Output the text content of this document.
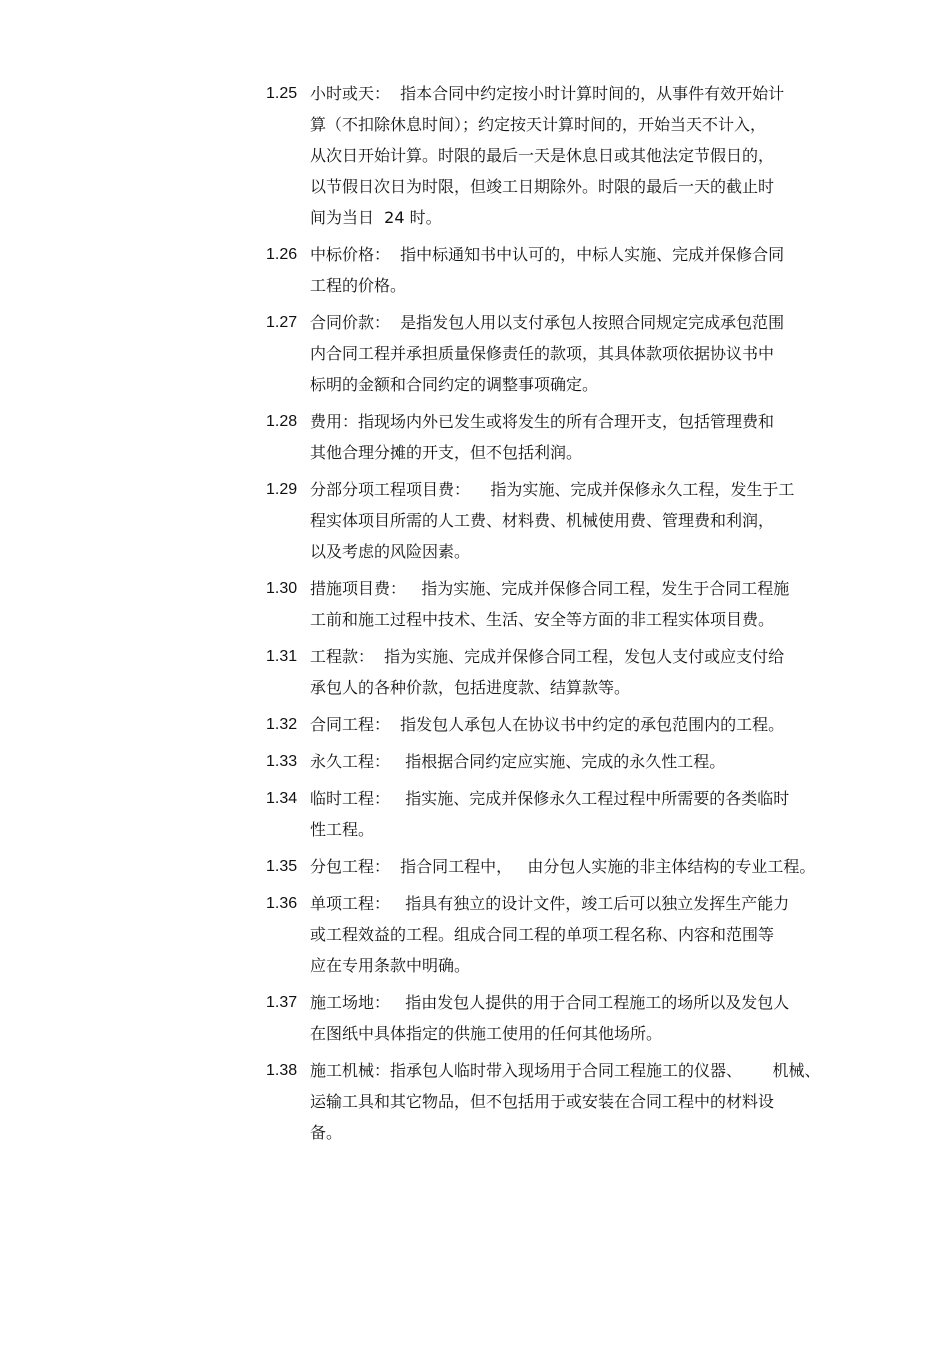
1.25 小时或天：  指本合同中约定按小时计算时间的，从事件有效开始计
算（不扣除休息时间）；约定按天计算时间的，开始当天不计入，
从次日开始计算。时限的最后一天是休息日或其他法定节假日的，
以节假日次日为时限，但竣工日期除外。时限的最后一天的截止时
间为当日  24 时。
1.26 中标价格：  指中标通知书中认可的，中标人实施、完成并保修合同
工程的价格。
1.27 合同价款：  是指发包人用以支付承包人按照合同规定完成承包范围
内合同工程并承担质量保修责任的款项，其具体款项依据协议书中
标明的金额和合同约定的调整事项确定。
1.28 费用：指现场内外已发生或将发生的所有合理开支，包括管理费和
其他合理分摊的开支，但不包括利润。
1.29 分部分项工程项目费：    指为实施、完成并保修永久工程，发生于工
程实体项目所需的人工费、材料费、机械使用费、管理费和利润，
以及考虑的风险因素。
1.30 措施项目费：   指为实施、完成并保修合同工程，发生于合同工程施
工前和施工过程中技术、生活、安全等方面的非工程实体项目费。
1.31 工程款：  指为实施、完成并保修合同工程，发包人支付或应支付给
承包人的各种价款，包括进度款、结算款等。
1.32 合同工程：  指发包人承包人在协议书中约定的承包范围内的工程。
1.33 永久工程：   指根据合同约定应实施、完成的永久性工程。
1.34 临时工程：   指实施、完成并保修永久工程过程中所需要的各类临时
性工程。
1.35 分包工程：  指合同工程中，   由分包人实施的非主体结构的专业工程。
1.36 单项工程：   指具有独立的设计文件，竣工后可以独立发挥生产能力
或工程效益的工程。组成合同工程的单项工程名称、内容和范围等
应在专用条款中明确。
1.37 施工场地：   指由发包人提供的用于合同工程施工的场所以及发包人
在图纸中具体指定的供施工使用的任何其他场所。
1.38 施工机械：指承包人临时带入现场用于合同工程施工的仪器、      机械、
运输工具和其它物品，但不包括用于或安装在合同工程中的材料设
备。
